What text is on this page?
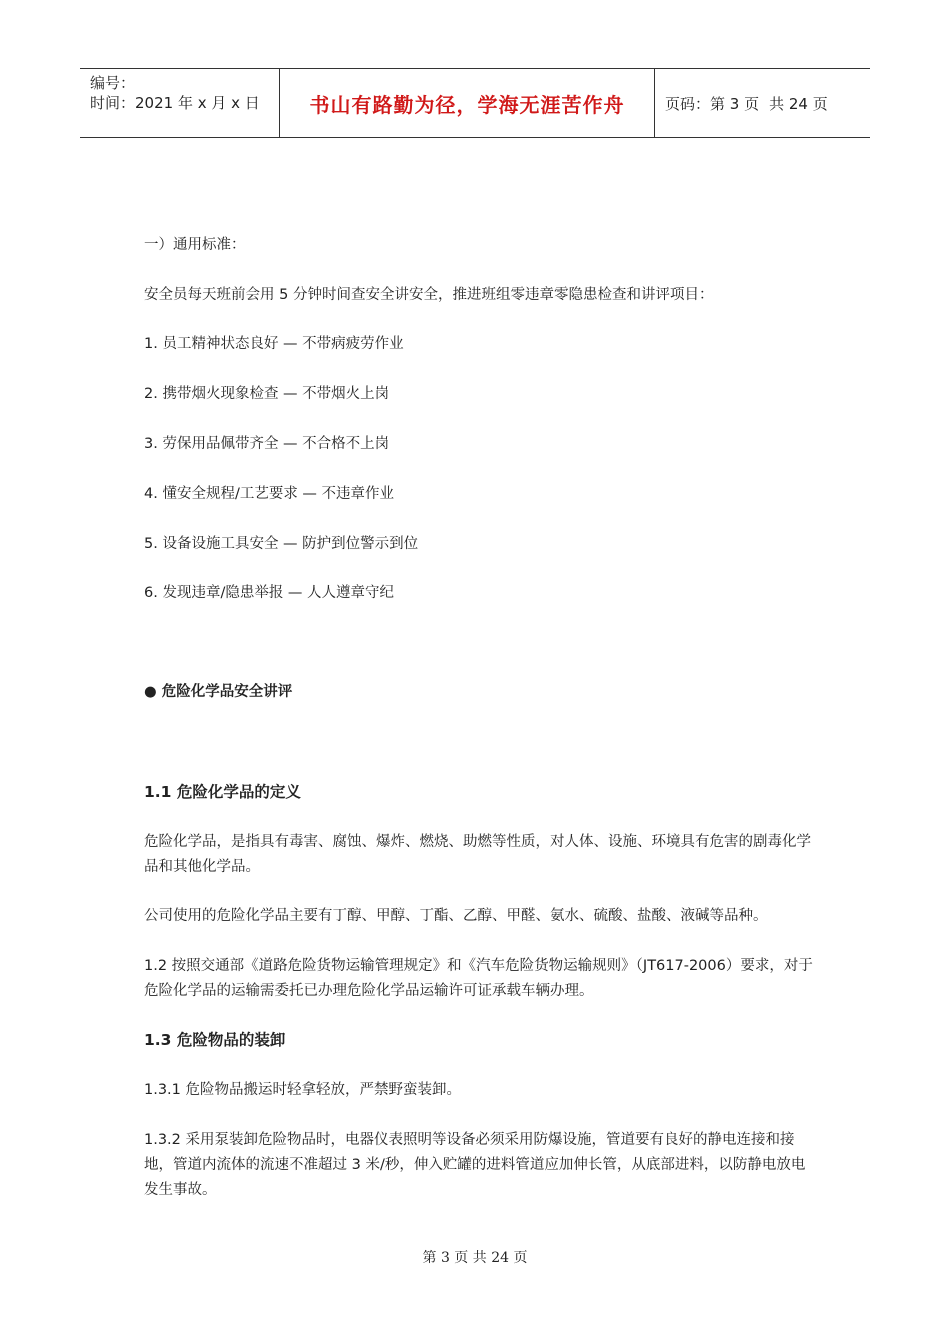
编号：
时间：2021 年 x 月 x 日	书山有路勤为径，学海无涯苦作舟	页码：第 3 页 共 24 页
一）通用标准：
安全员每天班前会用 5 分钟时间查安全讲安全，推进班组零违章零隐患检查和讲评项目：
1. 员工精神状态良好 — 不带病疲劳作业
2. 携带烟火现象检查 — 不带烟火上岗
3. 劳保用品佩带齐全 — 不合格不上岗
4. 懂安全规程/工艺要求 — 不违章作业
5. 设备设施工具安全 — 防护到位警示到位
6. 发现违章/隐患举报 — 人人遵章守纪
● 危险化学品安全讲评
1.1 危险化学品的定义
危险化学品，是指具有毒害、腐蚀、爆炸、燃烧、助燃等性质，对人体、设施、环境具有危害的剧毒化学品和其他化学品。
公司使用的危险化学品主要有丁醇、甲醇、丁酯、乙醇、甲醛、氨水、硫酸、盐酸、液碱等品种。
1.2 按照交通部《道路危险货物运输管理规定》和《汽车危险货物运输规则》（JT617-2006）要求，对于危险化学品的运输需委托已办理危险化学品运输许可证承载车辆办理。
1.3 危险物品的装卸
1.3.1 危险物品搬运时轻拿轻放，严禁野蛮装卸。
1.3.2 采用泵装卸危险物品时，电器仪表照明等设备必须采用防爆设施，管道要有良好的静电连接和接地，管道内流体的流速不准超过 3 米/秒，伸入贮罐的进料管道应加伸长管，从底部进料，以防静电放电发生事故。
第 3 页 共 24 页
